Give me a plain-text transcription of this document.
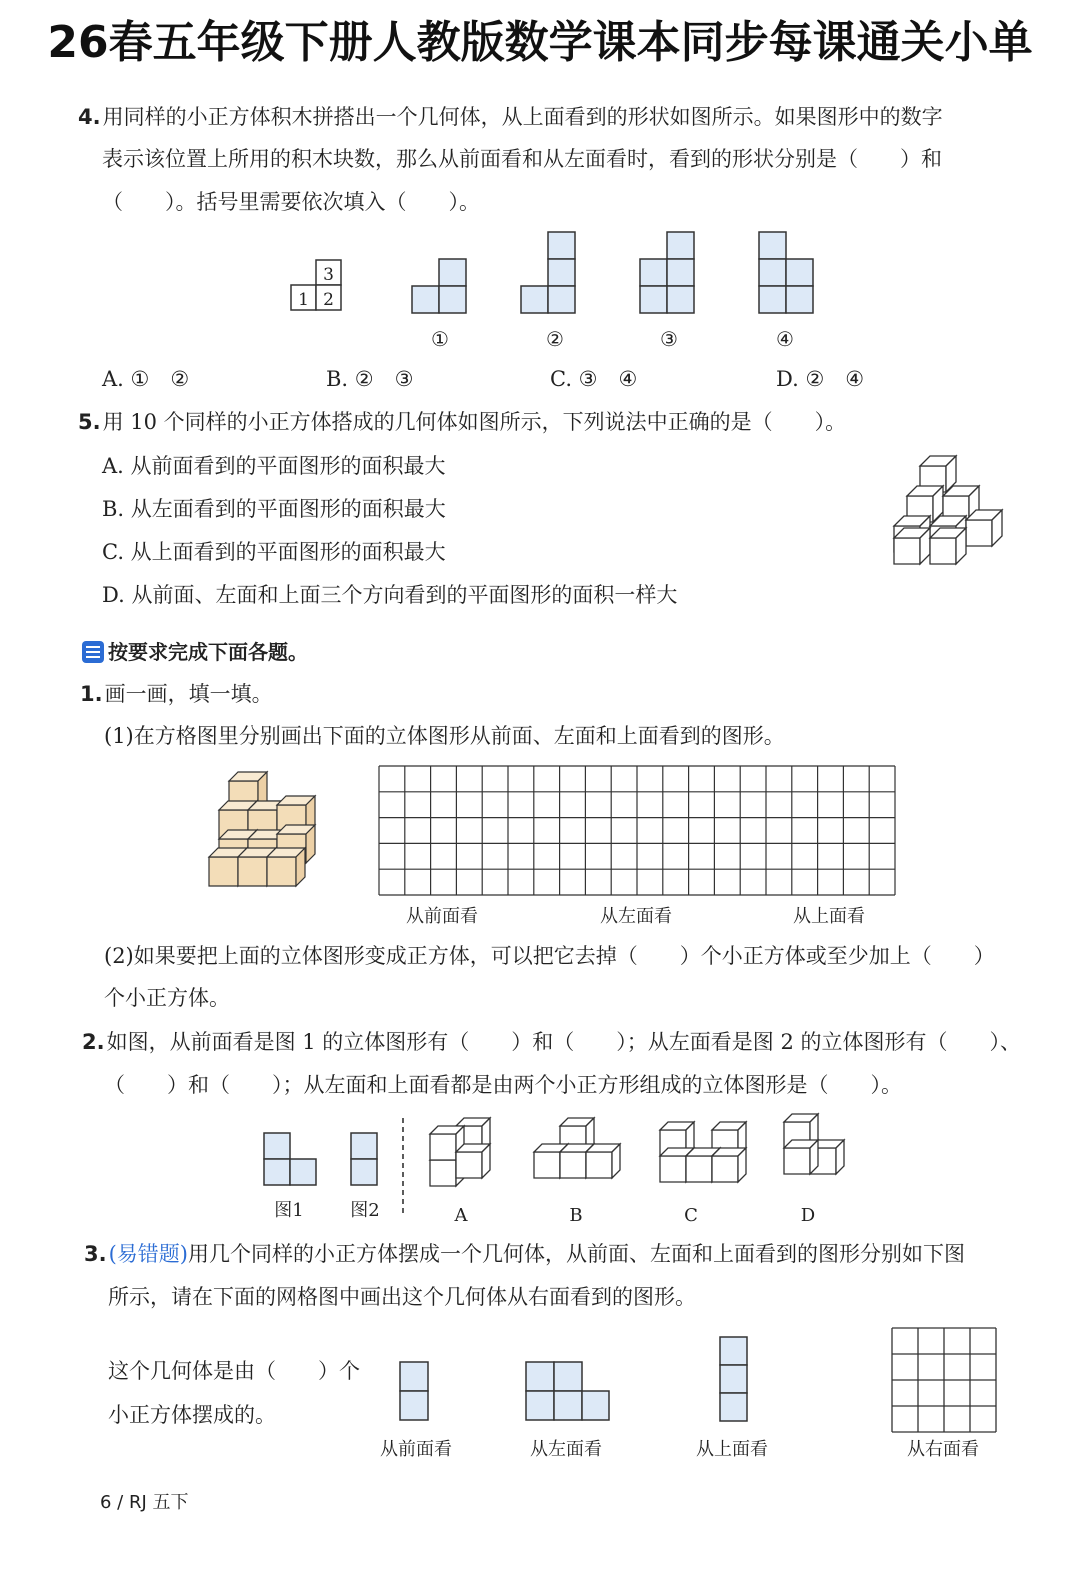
26春五年级下册人教版数学课本同步每课通关小单
4.用同样的小正方体积木拼搭出一个几何体，从上面看到的形状如图所示。如果图形中的数字
表示该位置上所用的积木块数，那么从前面看和从左面看时，看到的形状分别是（　　）和
（　　）。括号里需要依次填入（　　）。
3
1 2
①	②	③	④
A. ①　②	B. ②　③	C. ③　④	D. ②　④
5.用 10 个同样的小正方体搭成的几何体如图所示，下列说法中正确的是（　　）。
A. 从前面看到的平面图形的面积最大
B. 从左面看到的平面图形的面积最大
C. 从上面看到的平面图形的面积最大
D. 从前面、左面和上面三个方向看到的平面图形的面积一样大
按要求完成下面各题。
1.画一画，填一填。
(1)在方格图里分别画出下面的立体图形从前面、左面和上面看到的图形。
从前面看	从左面看	从上面看
(2)如果要把上面的立体图形变成正方体，可以把它去掉（　　）个小正方体或至少加上（　　）
个小正方体。
2.如图，从前面看是图 1 的立体图形有（　　）和（　　）；从左面看是图 2 的立体图形有（　　）、
（　　）和（　　）；从左面和上面看都是由两个小正方形组成的立体图形是（　　）。
图1	图2	A	B	C	D
3.(易错题)用几个同样的小正方体摆成一个几何体，从前面、左面和上面看到的图形分别如下图
所示，请在下面的网格图中画出这个几何体从右面看到的图形。
这个几何体是由（　　）个
小正方体摆成的。
从前面看	从左面看	从上面看	从右面看
6 / RJ 五下
